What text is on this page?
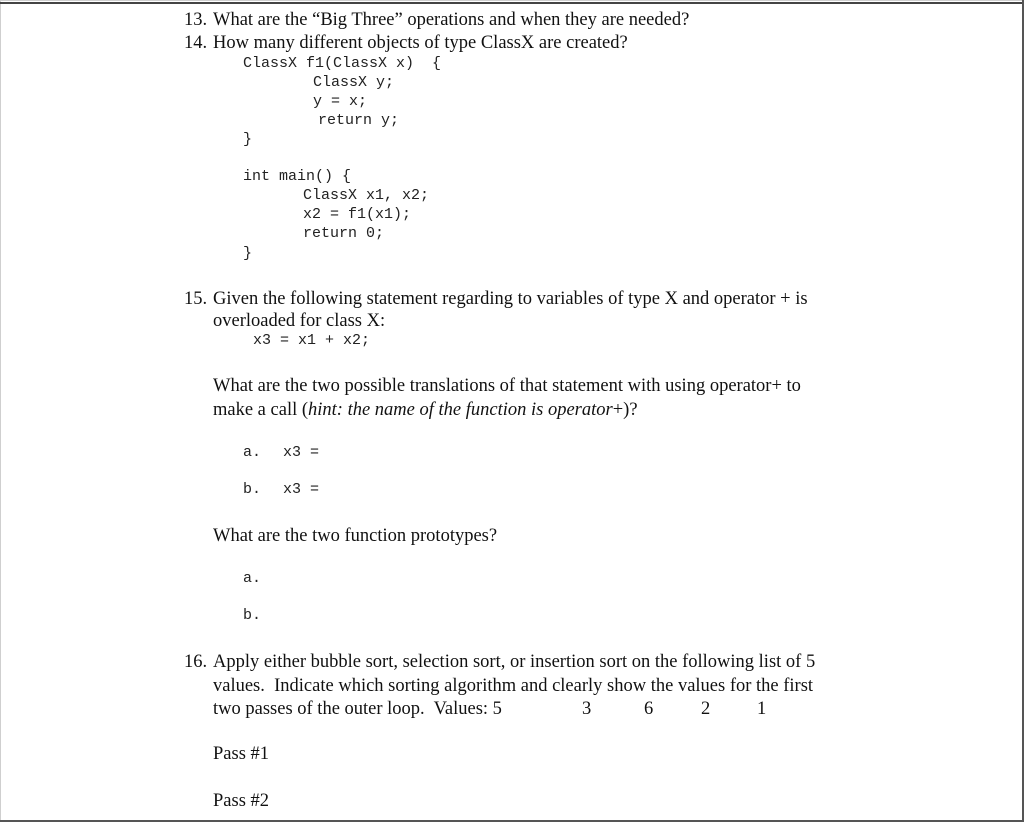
13. What are the “Big Three” operations and when they are needed?
14. How many different objects of type ClassX are created?
ClassX f1(ClassX x)  {
ClassX y;
y = x;
return y;
}
int main() {
ClassX x1, x2;
x2 = f1(x1);
return 0;
}
15. Given the following statement regarding to variables of type X and operator + is
overloaded for class X:
x3 = x1 + x2;
What are the two possible translations of that statement with using operator+ to
make a call (hint: the name of the function is operator+)?
a. x3 =
b. x3 =
What are the two function prototypes?
a.
b.
16. Apply either bubble sort, selection sort, or insertion sort on the following list of 5
values.  Indicate which sorting algorithm and clearly show the values for the first
two passes of the outer loop.  Values: 5	3	6	2	1
Pass #1
Pass #2
